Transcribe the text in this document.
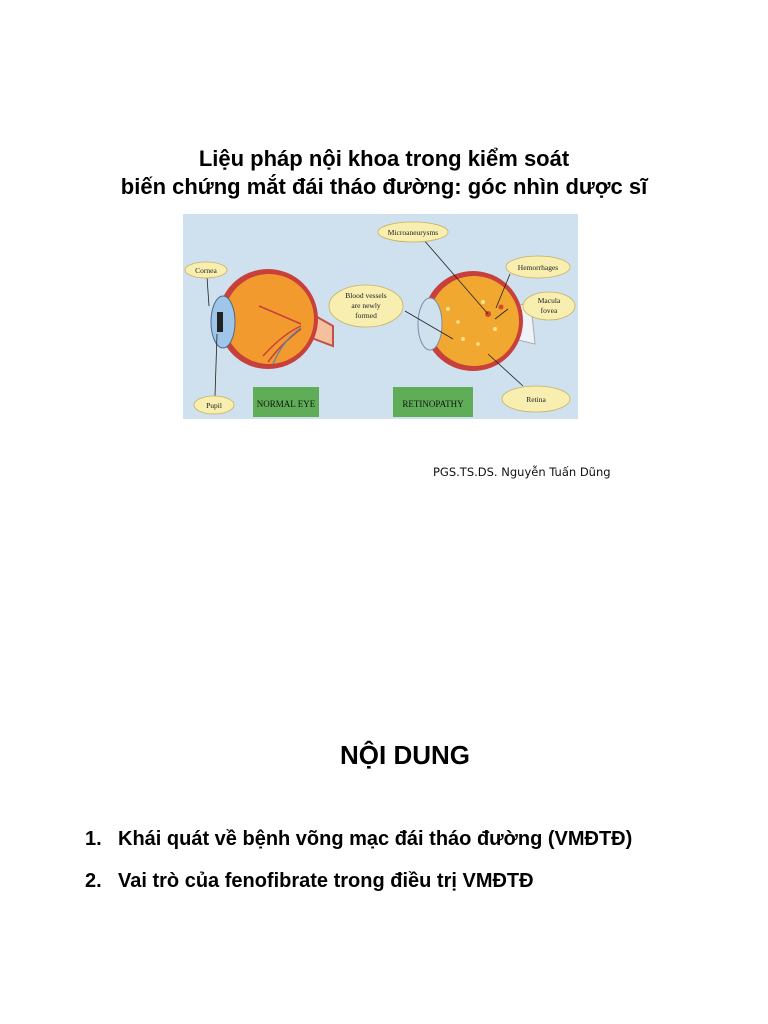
Liệu pháp nội khoa trong kiểm soát
biến chứng mắt đái tháo đường: góc nhìn dược sĩ
Cornea
Pupil	NORMAL EYE	RETINOPATHY
Microaneurysms
Hemorrhages
Macula
fovea
Blood vessels
are newly
formed
Retina
PGS.TS.DS. Nguyễn Tuấn Dũng
NỘI DUNG
1. Khái quát về bệnh võng mạc đái tháo đường (VMĐTĐ)
2. Vai trò của fenofibrate trong điều trị VMĐTĐ
